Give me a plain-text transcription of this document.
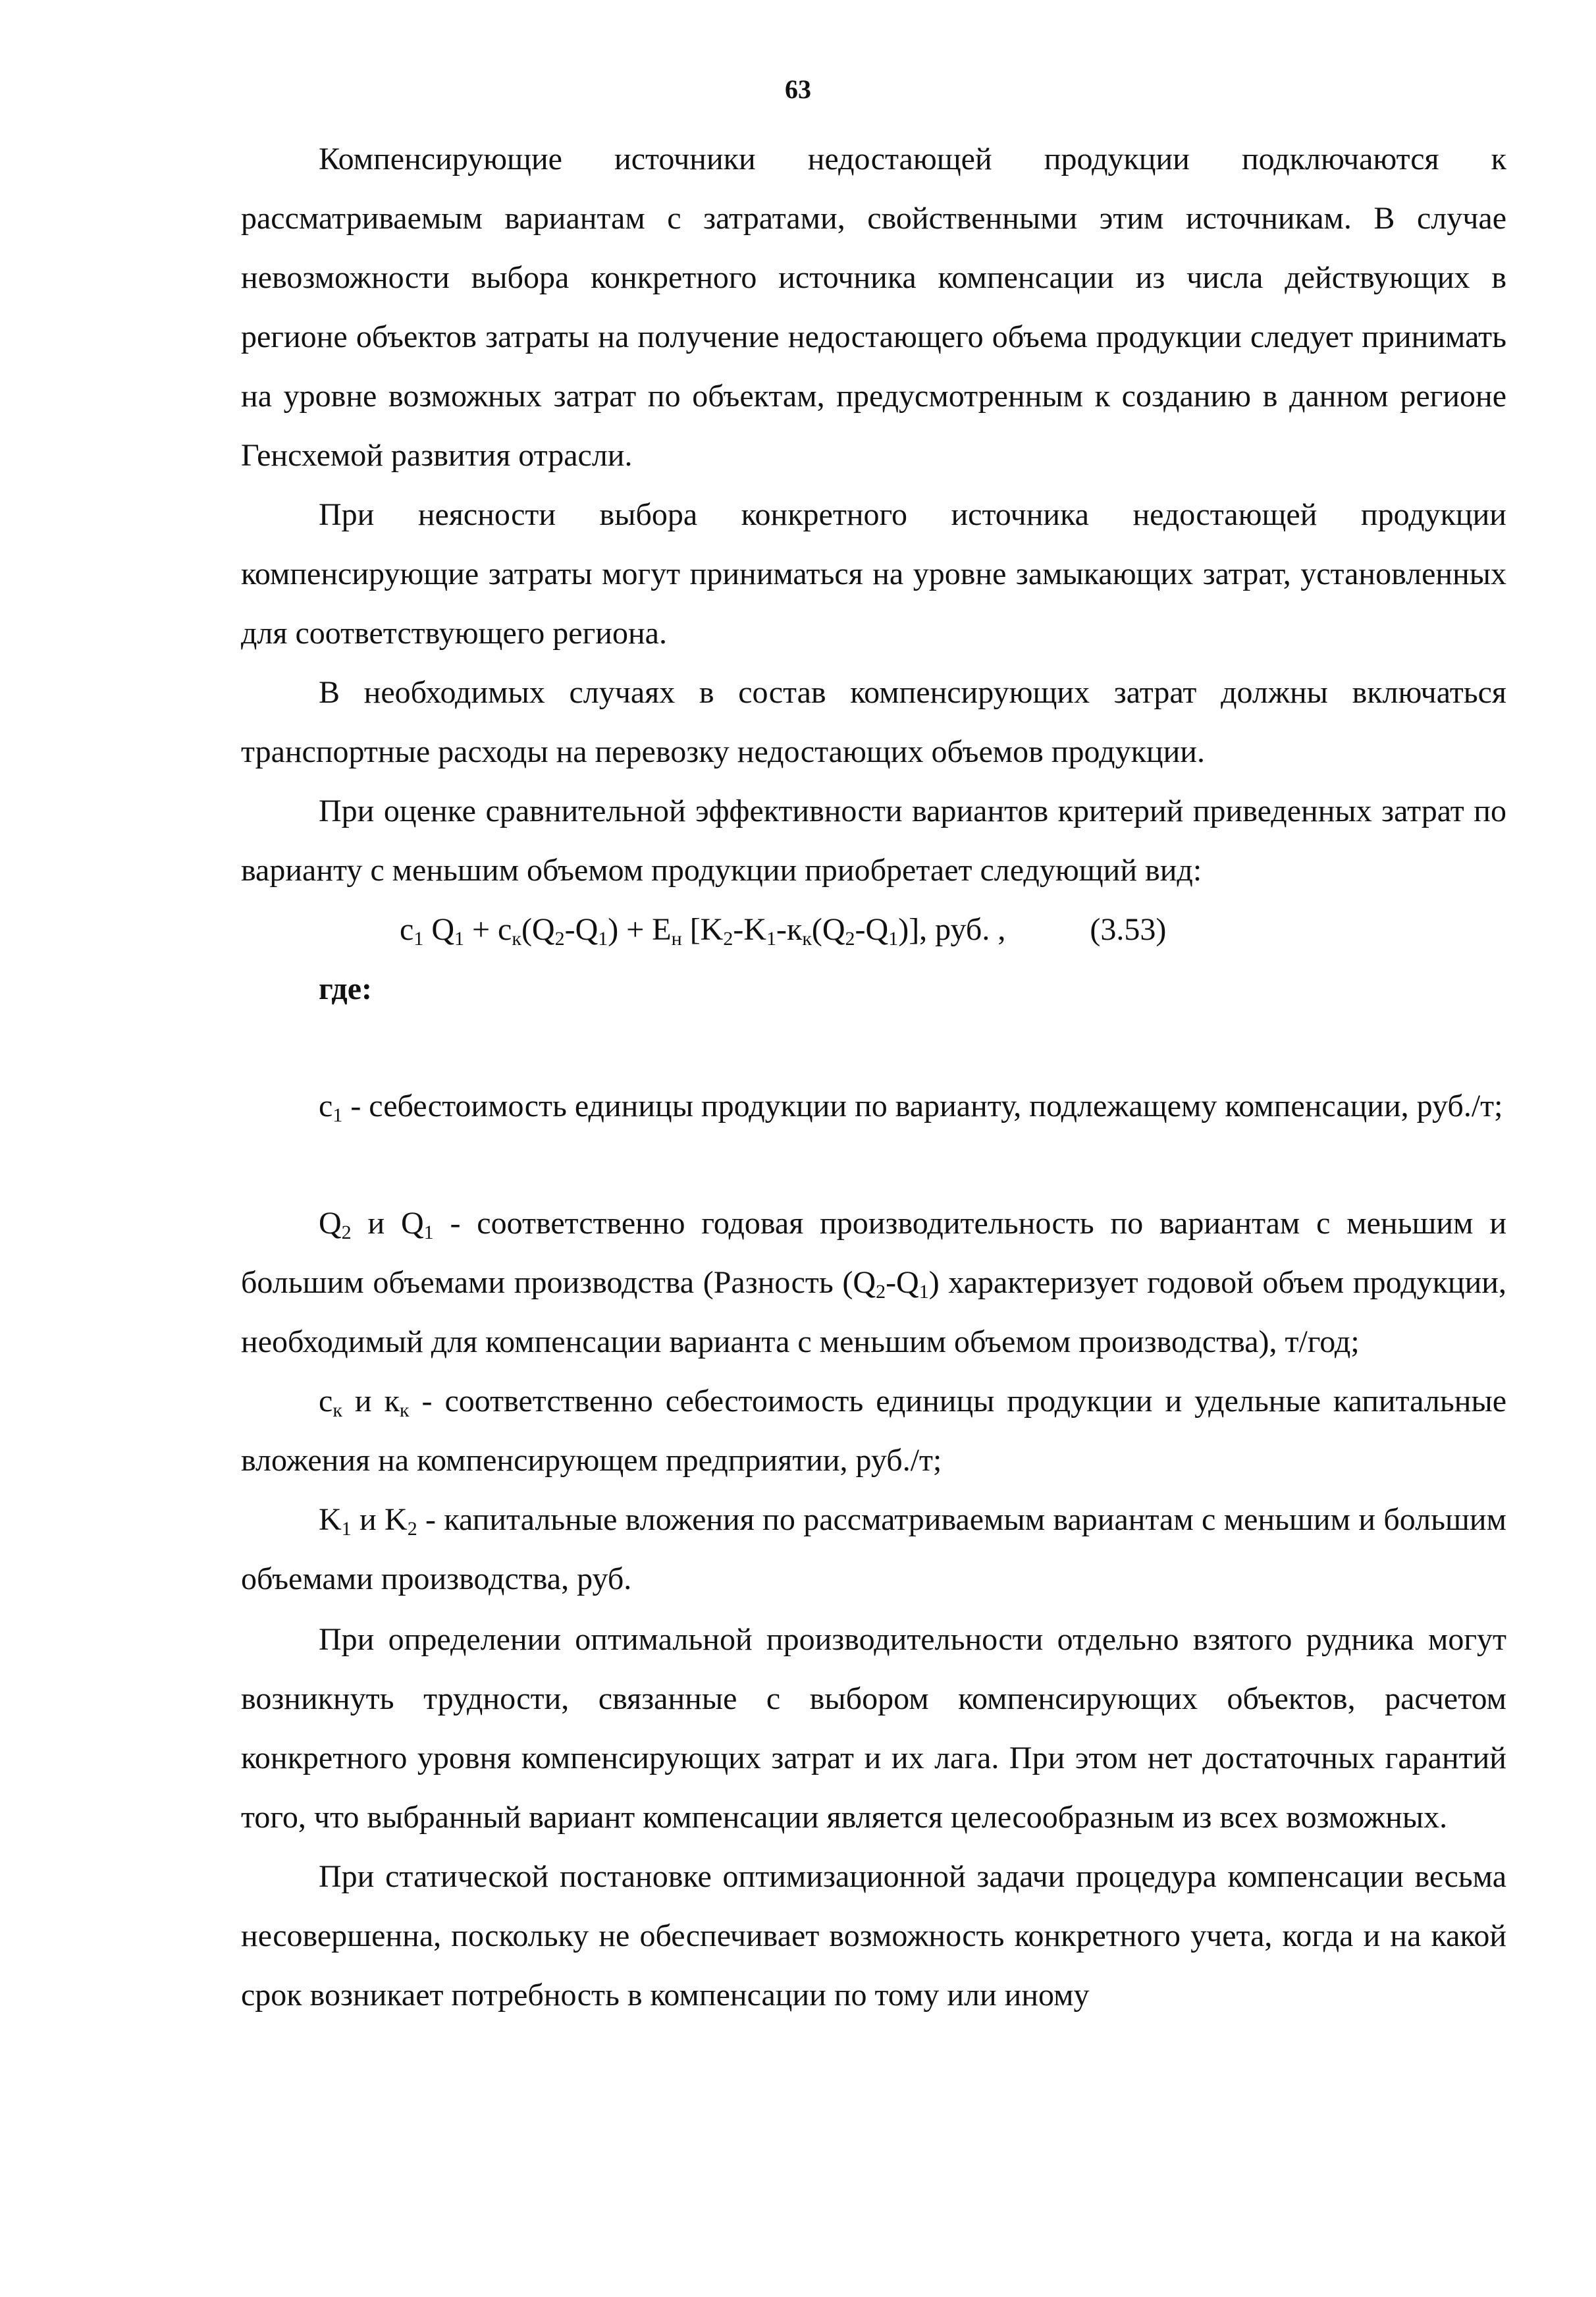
63

Компенсирующие источники недостающей продукции подключаются к рассматриваемым вариантам с затратами, свойственными этим источникам. В случае невозможности выбора конкретного источника компенсации из числа действующих в регионе объектов затраты на получение недостающего объема продукции следует принимать на уровне возможных затрат по объектам, предусмотренным к созданию в данном регионе Генсхемой развития отрасли.

При неясности выбора конкретного источника недостающей продукции компенсирующие затраты могут приниматься на уровне замыкающих затрат, установленных для соответствующего региона.

В необходимых случаях в состав компенсирующих затрат должны включаться транспортные расходы на перевозку недостающих объемов продукции.

При оценке сравнительной эффективности вариантов критерий приведенных затрат по варианту с меньшим объемом продукции приобретает следующий вид:

$c_1$ $Q_1 + c_к(Q_2-Q_1) + E_н$ $[K_2-K_1-к_к(Q_2-Q_1)]$, руб. ,	(3.53)

где:

$c_1$ - себестоимость единицы продукции по варианту, подлежащему компенсации, руб./т;

$Q_2$ и $Q_1$ - соответственно годовая производительность по вариантам с меньшим и большим объемами производства (Разность $(Q_2-Q_1)$ характеризует годовой объем продукции, необходимый для компенсации варианта с меньшим объемом производства), т/год;

$c_к$ и $к_к$ - соответственно себестоимость единицы продукции и удельные капитальные вложения на компенсирующем предприятии, руб./т;

$K_1$ и $K_2$ - капитальные вложения по рассматриваемым вариантам с меньшим и большим объемами производства, руб.

При определении оптимальной производительности отдельно взятого рудника могут возникнуть трудности, связанные с выбором компенсирующих объектов, расчетом конкретного уровня компенсирующих затрат и их лага. При этом нет достаточных гарантий того, что выбранный вариант компенсации является целесообразным из всех возможных.

При статической постановке оптимизационной задачи процедура компенсации весьма несовершенна, поскольку не обеспечивает возможность конкретного учета, когда и на какой срок возникает потребность в компенсации по тому или иному
